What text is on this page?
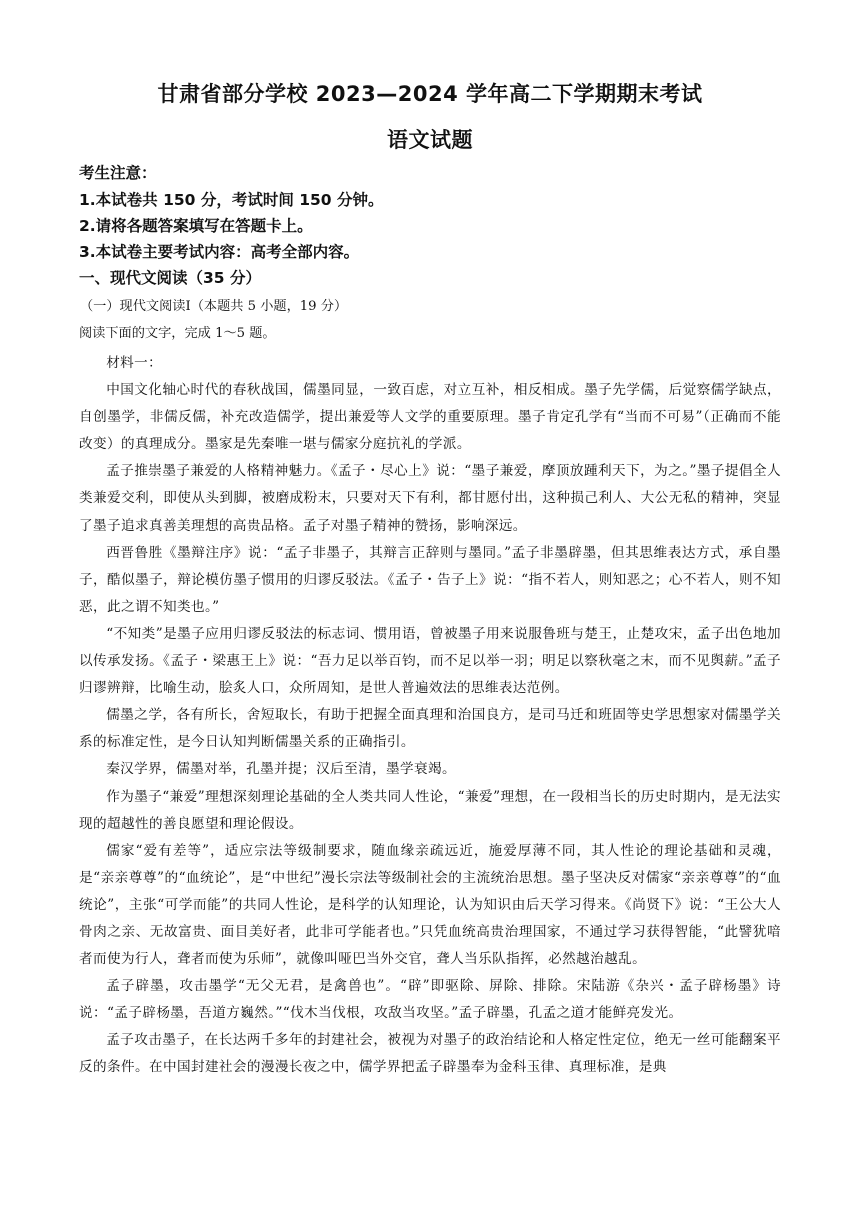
甘肃省部分学校 2023—2024 学年高二下学期期末考试
语文试题
考生注意：
1.本试卷共 150 分，考试时间 150 分钟。
2.请将各题答案填写在答题卡上。
3.本试卷主要考试内容：高考全部内容。
一、现代文阅读（35 分）
（一）现代文阅读Ⅰ（本题共 5 小题，19 分）
阅读下面的文字，完成 1～5 题。

材料一：

中国文化轴心时代的春秋战国，儒墨同显，一致百虑，对立互补，相反相成。墨子先学儒，后觉察儒学缺点，自创墨学，非儒反儒，补充改造儒学，提出兼爱等人文学的重要原理。墨子肯定孔学有“当而不可易”（正确而不能改变）的真理成分。墨家是先秦唯一堪与儒家分庭抗礼的学派。

孟子推崇墨子兼爱的人格精神魅力。《孟子・尽心上》说：“墨子兼爱，摩顶放踵利天下，为之。”墨子提倡全人类兼爱交利，即使从头到脚，被磨成粉末，只要对天下有利，都甘愿付出，这种损己利人、大公无私的精神，突显了墨子追求真善美理想的高贵品格。孟子对墨子精神的赞扬，影响深远。

西晋鲁胜《墨辩注序》说：“孟子非墨子，其辩言正辞则与墨同。”孟子非墨辟墨，但其思维表达方式，承自墨子，酷似墨子，辩论模仿墨子惯用的归谬反驳法。《孟子・告子上》说：“指不若人，则知恶之；心不若人，则不知恶，此之谓不知类也。”

“不知类”是墨子应用归谬反驳法的标志词、惯用语，曾被墨子用来说服鲁班与楚王，止楚攻宋，孟子出色地加以传承发扬。《孟子・梁惠王上》说：“吾力足以举百钧，而不足以举一羽；明足以察秋毫之末，而不见舆薪。”孟子归谬辨辩，比喻生动，脍炙人口，众所周知，是世人普遍效法的思维表达范例。

儒墨之学，各有所长，舍短取长，有助于把握全面真理和治国良方，是司马迁和班固等史学思想家对儒墨学关系的标准定性，是今日认知判断儒墨关系的正确指引。

秦汉学界，儒墨对举，孔墨并提；汉后至清，墨学衰竭。

作为墨子“兼爱”理想深刻理论基础的全人类共同人性论，“兼爱”理想，在一段相当长的历史时期内，是无法实现的超越性的善良愿望和理论假设。

儒家“爱有差等”，适应宗法等级制要求，随血缘亲疏远近，施爱厚薄不同，其人性论的理论基础和灵魂，是“亲亲尊尊”的“血统论”，是“中世纪”漫长宗法等级制社会的主流统治思想。墨子坚决反对儒家“亲亲尊尊”的“血统论”，主张“可学而能”的共同人性论，是科学的认知理论，认为知识由后天学习得来。《尚贤下》说：“王公大人骨肉之亲、无故富贵、面目美好者，此非可学能者也。”只凭血统高贵治理国家，不通过学习获得智能，“此譬犹喑者而使为行人，聋者而使为乐师”，就像叫哑巴当外交官，聋人当乐队指挥，必然越治越乱。

孟子辟墨，攻击墨学“无父无君，是禽兽也”。“辟”即驱除、屏除、排除。宋陆游《杂兴・孟子辟杨墨》诗说：“孟子辟杨墨，吾道方巍然。”“伐木当伐根，攻敌当攻坚。”孟子辟墨，孔孟之道才能鲜亮发光。

孟子攻击墨子，在长达两千多年的封建社会，被视为对墨子的政治结论和人格定性定位，绝无一丝可能翻案平反的条件。在中国封建社会的漫漫长夜之中，儒学界把孟子辟墨奉为金科玉律、真理标准，是典
